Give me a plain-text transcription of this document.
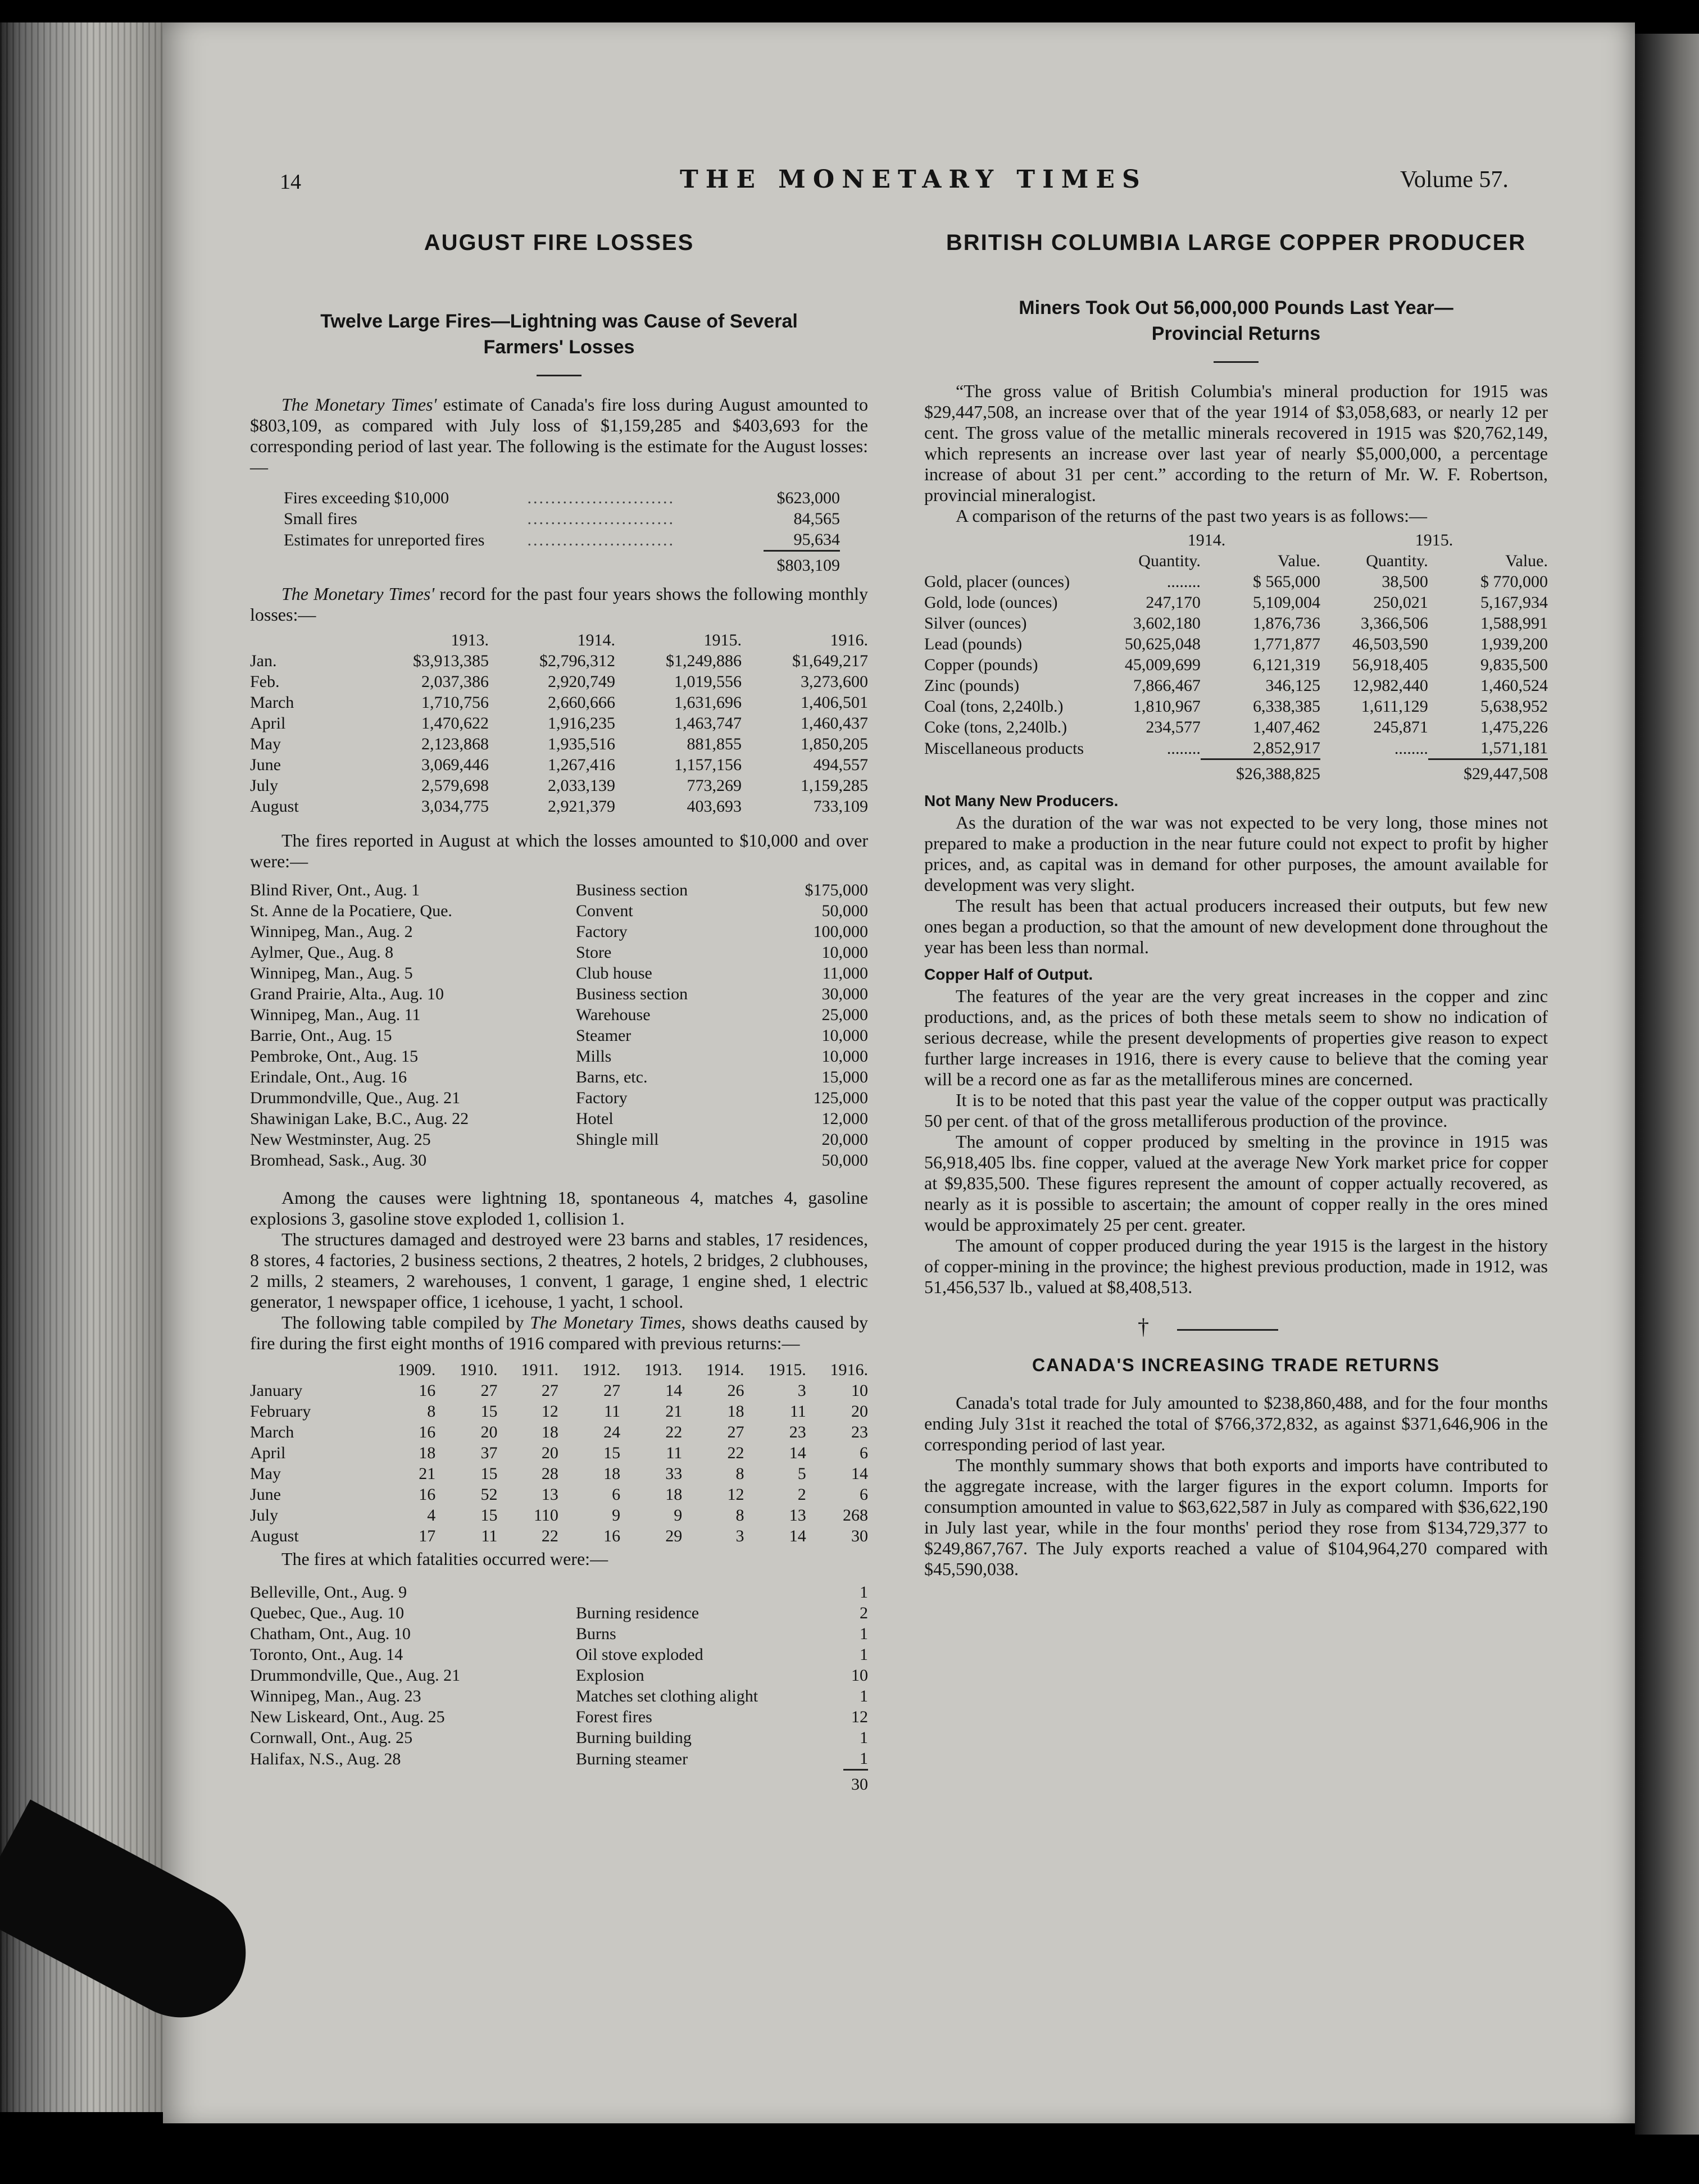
14	THE MONETARY TIMES	Volume 57.
AUGUST FIRE LOSSES
Twelve Large Fires—Lightning was Cause of Several
Farmers' Losses

The Monetary Times' estimate of Canada's fire loss during August amounted to $803,109, as compared with July loss of $1,159,285 and $403,693 for the corresponding period of last year. The following is the estimate for the August losses:—

Fires exceeding $10,000	.........................	$623,000
Small fires	.........................	84,565
Estimates for unreported fires	.........................	95,634
		$803,109

The Monetary Times' record for the past four years shows the following monthly losses:—

	1913.	1914.	1915.	1916.
Jan.	$3,913,385	$2,796,312	$1,249,886	$1,649,217
Feb.	2,037,386	2,920,749	1,019,556	3,273,600
March	1,710,756	2,660,666	1,631,696	1,406,501
April	1,470,622	1,916,235	1,463,747	1,460,437
May	2,123,868	1,935,516	881,855	1,850,205
June	3,069,446	1,267,416	1,157,156	494,557
July	2,579,698	2,033,139	773,269	1,159,285
August	3,034,775	2,921,379	403,693	733,109

The fires reported in August at which the losses amounted to $10,000 and over were:—

Blind River, Ont., Aug. 1	Business section	$175,000
St. Anne de la Pocatiere, Que.	Convent	50,000
Winnipeg, Man., Aug. 2	Factory	100,000
Aylmer, Que., Aug. 8	Store	10,000
Winnipeg, Man., Aug. 5	Club house	11,000
Grand Prairie, Alta., Aug. 10	Business section	30,000
Winnipeg, Man., Aug. 11	Warehouse	25,000
Barrie, Ont., Aug. 15	Steamer	10,000
Pembroke, Ont., Aug. 15	Mills	10,000
Erindale, Ont., Aug. 16	Barns, etc.	15,000
Drummondville, Que., Aug. 21	Factory	125,000
Shawinigan Lake, B.C., Aug. 22	Hotel	12,000
New Westminster, Aug. 25	Shingle mill	20,000
Bromhead, Sask., Aug. 30		50,000

Among the causes were lightning 18, spontaneous 4, matches 4, gasoline explosions 3, gasoline stove exploded 1, collision 1.

The structures damaged and destroyed were 23 barns and stables, 17 residences, 8 stores, 4 factories, 2 business sections, 2 theatres, 2 hotels, 2 bridges, 2 clubhouses, 2 mills, 2 steamers, 2 warehouses, 1 convent, 1 garage, 1 engine shed, 1 electric generator, 1 newspaper office, 1 icehouse, 1 yacht, 1 school.

The following table compiled by The Monetary Times, shows deaths caused by fire during the first eight months of 1916 compared with previous returns:—

	1909.	1910.	1911.	1912.	1913.	1914.	1915.	1916.
January	16	27	27	27	14	26	3	10
February	8	15	12	11	21	18	11	20
March	16	20	18	24	22	27	23	23
April	18	37	20	15	11	22	14	6
May	21	15	28	18	33	8	5	14
June	16	52	13	6	18	12	2	6
July	4	15	110	9	9	8	13	268
August	17	11	22	16	29	3	14	30

The fires at which fatalities occurred were:—

Belleville, Ont., Aug. 9		1
Quebec, Que., Aug. 10	Burning residence	2
Chatham, Ont., Aug. 10	Burns	1
Toronto, Ont., Aug. 14	Oil stove exploded	1
Drummondville, Que., Aug. 21	Explosion	10
Winnipeg, Man., Aug. 23	Matches set clothing alight	1
New Liskeard, Ont., Aug. 25	Forest fires	12
Cornwall, Ont., Aug. 25	Burning building	1
Halifax, N.S., Aug. 28	Burning steamer	1
		30
BRITISH COLUMBIA LARGE COPPER PRODUCER
Miners Took Out 56,000,000 Pounds Last Year—
Provincial Returns

“The gross value of British Columbia's mineral production for 1915 was $29,447,508, an increase over that of the year 1914 of $3,058,683, or nearly 12 per cent. The gross value of the metallic minerals recovered in 1915 was $20,762,149, which represents an increase over last year of nearly $5,000,000, a percentage increase of about 31 per cent.” according to the return of Mr. W. F. Robertson, provincial mineralogist.

A comparison of the returns of the past two years is as follows:—

	1914.		1915.	
	Quantity.	Value.	Quantity.	Value.
Gold, placer (ounces)	........	$ 565,000	38,500	$ 770,000
Gold, lode (ounces)	247,170	5,109,004	250,021	5,167,934
Silver (ounces)	3,602,180	1,876,736	3,366,506	1,588,991
Lead (pounds)	50,625,048	1,771,877	46,503,590	1,939,200
Copper (pounds)	45,009,699	6,121,319	56,918,405	9,835,500
Zinc (pounds)	7,866,467	346,125	12,982,440	1,460,524
Coal (tons, 2,240lb.)	1,810,967	6,338,385	1,611,129	5,638,952
Coke (tons, 2,240lb.)	234,577	1,407,462	245,871	1,475,226
Miscellaneous products	........	2,852,917	........	1,571,181
		$26,388,825		$29,447,508
Not Many New Producers.

As the duration of the war was not expected to be very long, those mines not prepared to make a production in the near future could not expect to profit by higher prices, and, as capital was in demand for other purposes, the amount available for development was very slight.

The result has been that actual producers increased their outputs, but few new ones began a production, so that the amount of new development done throughout the year has been less than normal.

Copper Half of Output.

The features of the year are the very great increases in the copper and zinc productions, and, as the prices of both these metals seem to show no indication of serious decrease, while the present developments of properties give reason to expect further large increases in 1916, there is every cause to believe that the coming year will be a record one as far as the metalliferous mines are concerned.

It is to be noted that this past year the value of the copper output was practically 50 per cent. of that of the gross metalliferous production of the province.

The amount of copper produced by smelting in the province in 1915 was 56,918,405 lbs. fine copper, valued at the average New York market price for copper at $9,835,500. These figures represent the amount of copper actually recovered, as nearly as it is possible to ascertain; the amount of copper really in the ores mined would be approximately 25 per cent. greater.

The amount of copper produced during the year 1915 is the largest in the history of copper-mining in the province; the highest previous production, made in 1912, was 51,456,537 lb., valued at $8,408,513.

†
CANADA'S INCREASING TRADE RETURNS

Canada's total trade for July amounted to $238,860,488, and for the four months ending July 31st it reached the total of $766,372,832, as against $371,646,906 in the corresponding period of last year.

The monthly summary shows that both exports and imports have contributed to the aggregate increase, with the larger figures in the export column. Imports for consumption amounted in value to $63,622,587 in July as compared with $36,622,190 in July last year, while in the four months' period they rose from $134,729,377 to $249,867,767. The July exports reached a value of $104,964,270 compared with $45,590,038.
